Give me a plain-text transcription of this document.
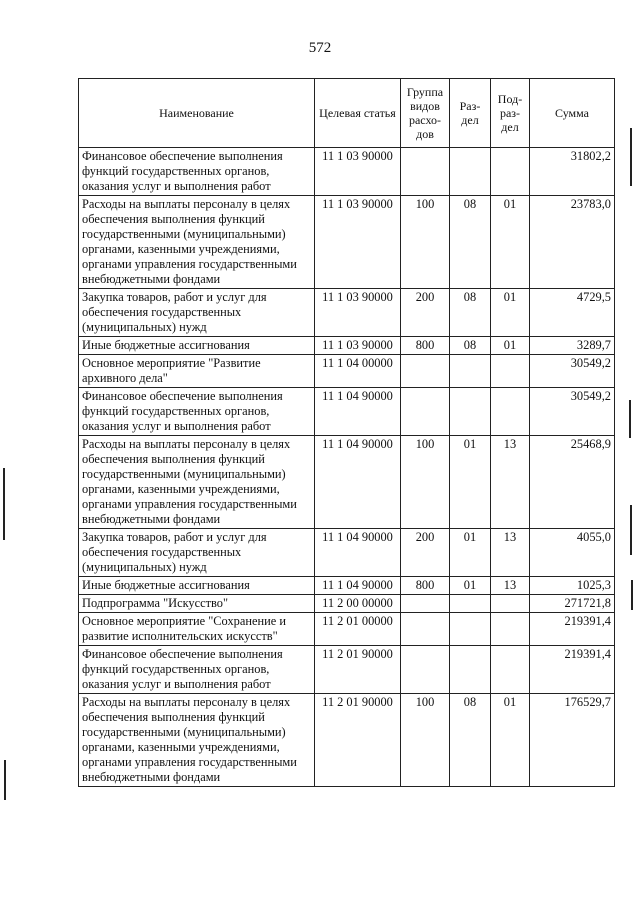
572
Наименование	Целевая статья	Группа видов расхо-дов	Раз-дел	Под-раз-дел	Сумма
Финансовое обеспечение выполнения функций государственных органов, оказания услуг и выполнения работ	11 1 03 90000				31802,2
Расходы на выплаты персоналу в целях обеспечения выполнения функций государственными (муниципальными) органами, казенными учреждениями, органами управления государственными внебюджетными фондами	11 1 03 90000	100	08	01	23783,0
Закупка товаров, работ и услуг для обеспечения государственных (муниципальных) нужд	11 1 03 90000	200	08	01	4729,5
Иные бюджетные ассигнования	11 1 03 90000	800	08	01	3289,7
Основное мероприятие "Развитие архивного дела"	11 1 04 00000				30549,2
Финансовое обеспечение выполнения функций государственных органов, оказания услуг и выполнения работ	11 1 04 90000				30549,2
Расходы на выплаты персоналу в целях обеспечения выполнения функций государственными (муниципальными) органами, казенными учреждениями, органами управления государственными внебюджетными фондами	11 1 04 90000	100	01	13	25468,9
Закупка товаров, работ и услуг для обеспечения государственных (муниципальных) нужд	11 1 04 90000	200	01	13	4055,0
Иные бюджетные ассигнования	11 1 04 90000	800	01	13	1025,3
Подпрограмма "Искусство"	11 2 00 00000				271721,8
Основное мероприятие "Сохранение и развитие исполнительских искусств"	11 2 01 00000				219391,4
Финансовое обеспечение выполнения функций государственных органов, оказания услуг и выполнения работ	11 2 01 90000				219391,4
Расходы на выплаты персоналу в целях обеспечения выполнения функций государственными (муниципальными) органами, казенными учреждениями, органами управления государственными внебюджетными фондами	11 2 01 90000	100	08	01	176529,7
